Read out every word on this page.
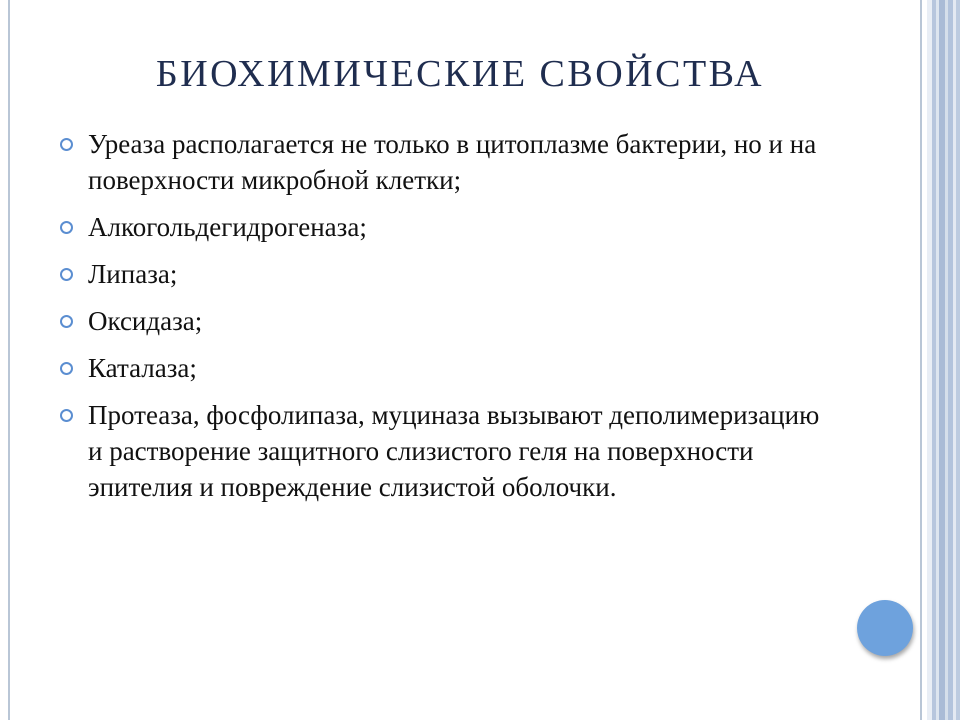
БИОХИМИЧЕСКИЕ СВОЙСТВА
Уреаза располагается не только в цитоплазме бактерии, но и на поверхности микробной клетки;
Алкогольдегидрогеназа;
Липаза;
Оксидаза;
Каталаза;
Протеаза, фосфолипаза, муциназа вызывают деполимеризацию и растворение защитного слизистого геля на поверхности эпителия и повреждение слизистой оболочки.
